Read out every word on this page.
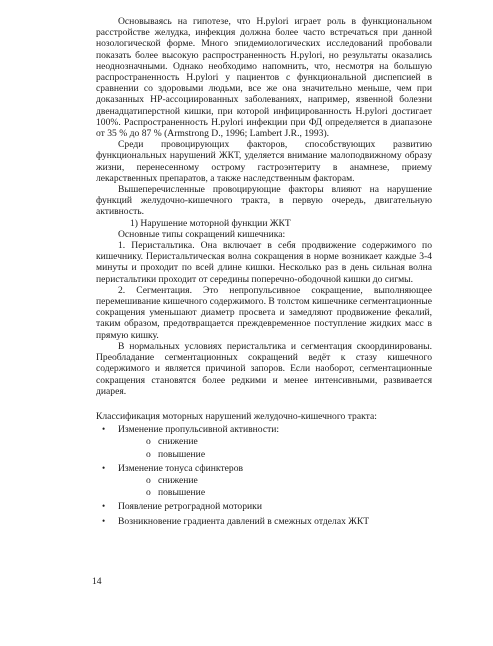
Основываясь на гипотезе, что H.pylori играет роль в функциональном расстройстве желудка, инфекция должна более часто встречаться при данной нозологической форме. Много эпидемиологических исследований пробовали показать более высокую распространенность H.pylori, но результаты оказались неоднозначными. Однако необходимо напомнить, что, несмотря на большую распространенность H.pylori у пациентов с функциональной диспепсией в сравнении со здоровыми людьми, все же она значительно меньше, чем при доказанных НР-ассоциированных заболеваниях, например, язвенной болезни двенадцатиперстной кишки, при которой инфицированность H.pylori достигает 100%. Распространенность H.pylori инфекции при ФД определяется в диапазоне от 35 % до 87 % (Armstrong D., 1996; Lambert J.R., 1993).

Среди провоцирующих факторов, способствующих развитию функциональных нарушений ЖКТ, уделяется внимание малоподвижному образу жизни, перенесенному острому гастроэнтериту в анамнезе, приему лекарственных препаратов, а также наследственным факторам.

Вышеперечисленные провоцирующие факторы влияют на нарушение функций желудочно-кишечного тракта, в первую очередь, двигательную активность.

1) Нарушение моторной функции ЖКТ

Основные типы сокращений кишечника:

1. Перистальтика. Она включает в себя продвижение содержимого по кишечнику. Перистальтическая волна сокращения в норме возникает каждые 3-4 минуты и проходит по всей длине кишки. Несколько раз в день сильная волна перистальтики проходит от середины поперечно-ободочной кишки до сигмы.

2. Сегментация. Это непропульсивное сокращение, выполняющее перемешивание кишечного содержимого. В толстом кишечнике сегментационные сокращения уменьшают диаметр просвета и замедляют продвижение фекалий, таким образом, предотвращается преждевременное поступление жидких масс в прямую кишку.

В нормальных условиях перистальтика и сегментация скоординированы. Преобладание сегментационных сокращений ведёт к стазу кишечного содержимого и является причиной запоров. Если наоборот, сегментационные сокращения становятся более редкими и менее интенсивными, развивается диарея.

Классификация моторных нарушений желудочно-кишечного тракта:

• Изменение пропульсивной активности:
o снижение
o повышение
• Изменение тонуса сфинктеров
o снижение
o повышение
• Появление ретроградной моторики
• Возникновение градиента давлений в смежных отделах ЖКТ
14
